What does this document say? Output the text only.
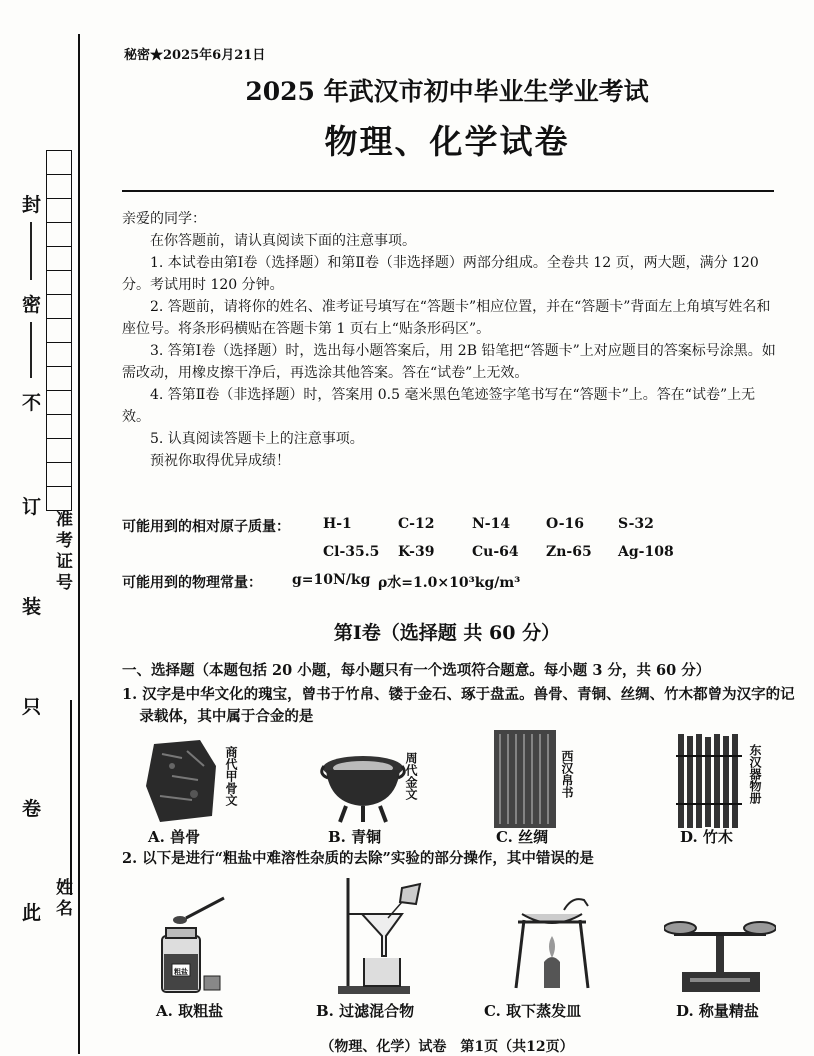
封
密
不
订
装
只
卷
此
准考证号
姓名
秘密★2025年6月21日
2025 年武汉市初中毕业生学业考试
物理、化学试卷
亲爱的同学：
在你答题前，请认真阅读下面的注意事项。
1. 本试卷由第Ⅰ卷（选择题）和第Ⅱ卷（非选择题）两部分组成。全卷共 12 页，两大题，满分 120 分。考试用时 120 分钟。
2. 答题前，请将你的姓名、准考证号填写在“答题卡”相应位置，并在“答题卡”背面左上角填写姓名和座位号。将条形码横贴在答题卡第 1 页右上“贴条形码区”。
3. 答第Ⅰ卷（选择题）时，选出每小题答案后，用 2B 铅笔把“答题卡”上对应题目的答案标号涂黑。如需改动，用橡皮擦干净后，再选涂其他答案。答在“试卷”上无效。
4. 答第Ⅱ卷（非选择题）时，答案用 0.5 毫米黑色笔迹签字笔书写在“答题卡”上。答在“试卷”上无效。
5. 认真阅读答题卡上的注意事项。
预祝你取得优异成绩！
可能用到的相对原子质量： H-1	C-12	N-14	O-16 S-32
Cl-35.5 K-39	Cu-64 Zn-65 Ag-108
可能用到的物理常量： g=10N/kg ρ水=1.0×10³kg/m³
第Ⅰ卷（选择题 共 60 分）
一、选择题（本题包括 20 小题，每小题只有一个选项符合题意。每小题 3 分，共 60 分）
1. 汉字是中华文化的瑰宝，曾书于竹帛、镂于金石、琢于盘盂。兽骨、青铜、丝绸、竹木都曾为汉字的记录载体，其中属于合金的是
商代甲骨文	周代金文	西汉帛书	东汉器物册
A. 兽骨	B. 青铜	C. 丝绸	D. 竹木
2. 以下是进行“粗盐中难溶性杂质的去除”实验的部分操作，其中错误的是
粗盐
A. 取粗盐	B. 过滤混合物	C. 取下蒸发皿	D. 称量精盐
（物理、化学）试卷　第1页（共12页）
